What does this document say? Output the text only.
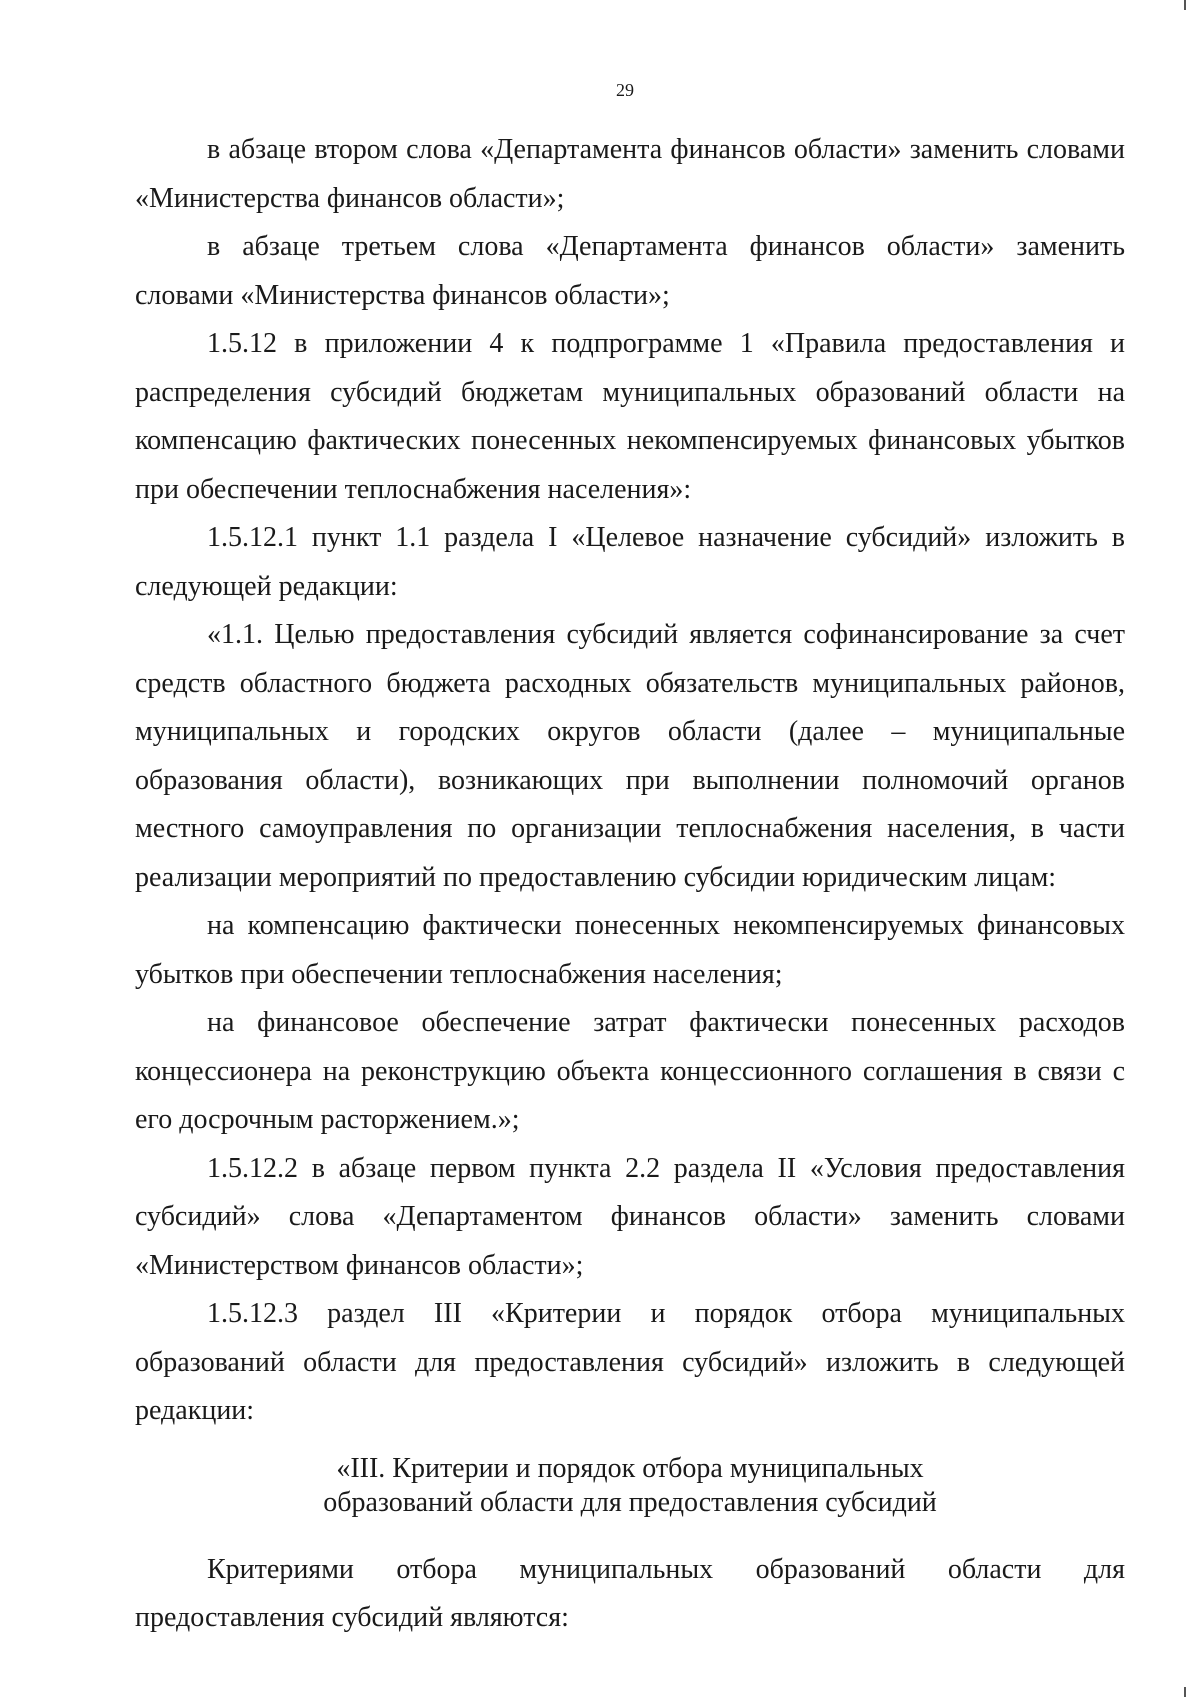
29

в абзаце втором слова «Департамента финансов области» заменить словами «Министерства финансов области»;

в абзаце третьем слова «Департамента финансов области» заменить словами «Министерства финансов области»;

1.5.12 в приложении 4 к подпрограмме 1 «Правила предоставления и распределения субсидий бюджетам муниципальных образований области на компенсацию фактических понесенных некомпенсируемых финансовых убытков при обеспечении теплоснабжения населения»:

1.5.12.1 пункт 1.1 раздела I «Целевое назначение субсидий» изложить в следующей редакции:

«1.1. Целью предоставления субсидий является софинансирование за счет средств областного бюджета расходных обязательств муниципальных районов, муниципальных и городских округов области (далее – муниципальные образования области), возникающих при выполнении полномочий органов местного самоуправления по организации теплоснабжения населения, в части реализации мероприятий по предоставлению субсидии юридическим лицам:

на компенсацию фактически понесенных некомпенсируемых финансовых убытков при обеспечении теплоснабжения населения;

на финансовое обеспечение затрат фактически понесенных расходов концессионера на реконструкцию объекта концессионного соглашения в связи с его досрочным расторжением.»;

1.5.12.2 в абзаце первом пункта 2.2 раздела II «Условия предоставления субсидий» слова «Департаментом финансов области» заменить словами «Министерством финансов области»;

1.5.12.3 раздел III «Критерии и порядок отбора муниципальных образований области для предоставления субсидий» изложить в следующей редакции:

«III. Критерии и порядок отбора муниципальных
образований области для предоставления субсидий

Критериями отбора муниципальных образований области для предоставления субсидий являются:
